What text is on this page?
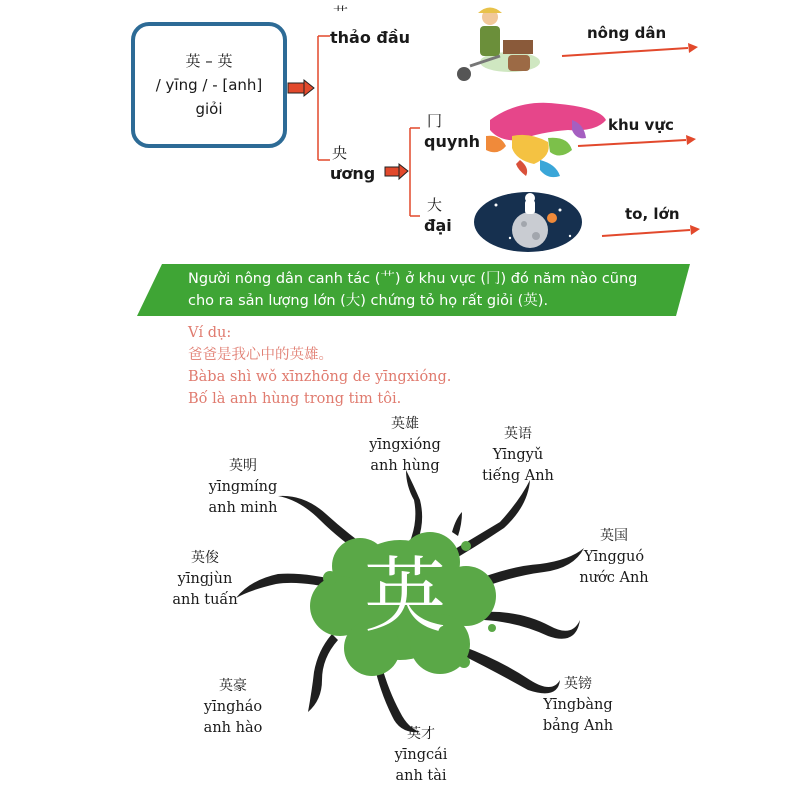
英 – 英
/ yīng / - [anh]
giỏi
艹
thảo đầu	nông dân
央
ương
冂
quynh
khu vực
大
đại
to, lớn
Người nông dân canh tác (艹) ở khu vực (冂) đó năm nào cũng
cho ra sản lượng lớn (大) chứng tỏ họ rất giỏi (英).
Ví dụ:
爸爸是我心中的英雄。
Bàba shì wǒ xīnzhōng de yīngxióng.
Bố là anh hùng trong tim tôi.
英
英雄
yīngxióng
anh hùng
英语
Yīngyǔ
tiếng Anh
英明
yīngmíng
anh minh
英国
Yīngguó
nước Anh
英俊
yīngjùn
anh tuấn
英豪
yīngháo
anh hào
英镑
Yīngbàng
bảng Anh
英才
yīngcái
anh tài
